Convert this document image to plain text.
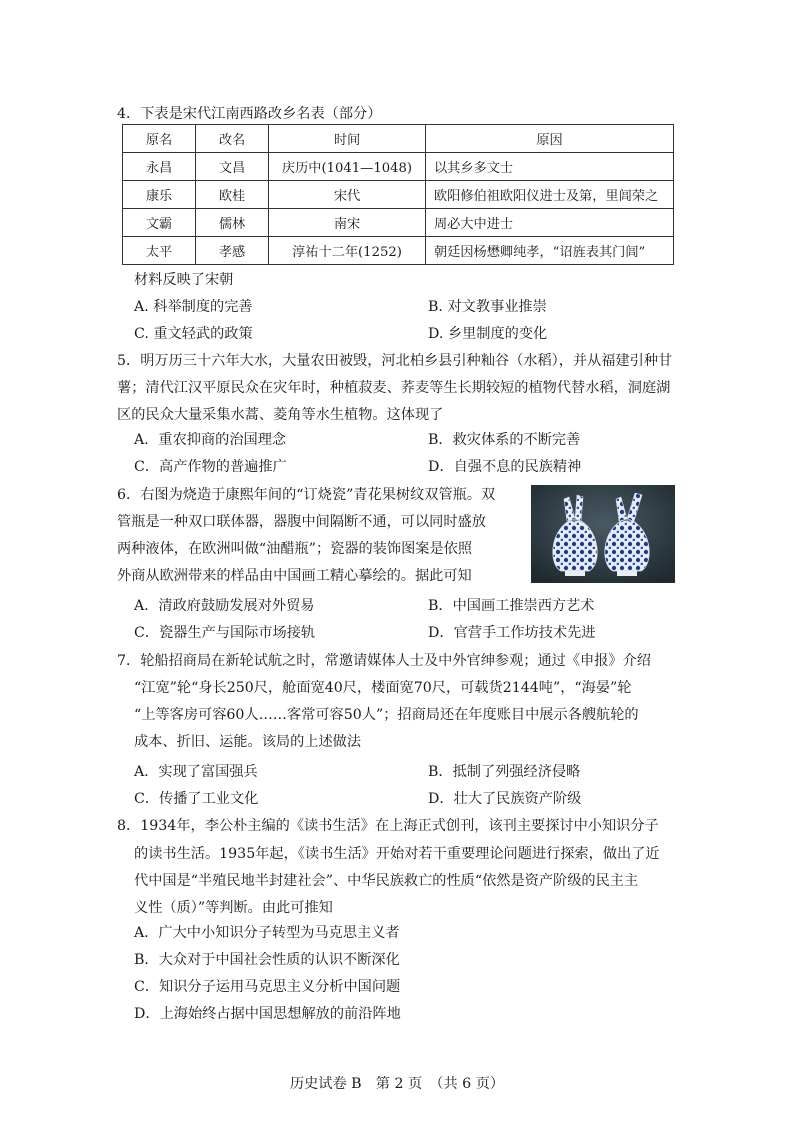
4．下表是宋代江南西路改乡名表（部分）
原名	改名	时间	原因
永昌	文昌	庆历中(1041—1048)	以其乡多文士
康乐	欧桂	宋代	欧阳修伯祖欧阳仪进士及第，里闾荣之
文霸	儒林	南宋	周必大中进士
太平	孝感	淳祐十二年(1252)	朝廷因杨懋卿纯孝，“诏旌表其门闾”
材料反映了宋朝
A. 科举制度的完善	B. 对文教事业推崇
C. 重文轻武的政策	D. 乡里制度的变化
5．明万历三十六年大水，大量农田被毁，河北柏乡县引种籼谷（水稻），并从福建引种甘
薯；清代江汉平原民众在灾年时，种植菽麦、荞麦等生长期较短的植物代替水稻，洞庭湖
区的民众大量采集水蒿、菱角等水生植物。这体现了
A．重农抑商的治国理念	B．救灾体系的不断完善
C．高产作物的普遍推广	D．自强不息的民族精神
6．右图为烧造于康熙年间的“订烧瓷”青花果树纹双管瓶。双
管瓶是一种双口联体器，器腹中间隔断不通，可以同时盛放
两种液体，在欧洲叫做“油醋瓶”；瓷器的装饰图案是依照
外商从欧洲带来的样品由中国画工精心摹绘的。据此可知
A．清政府鼓励发展对外贸易	B．中国画工推崇西方艺术
C．瓷器生产与国际市场接轨	D．官营手工作坊技术先进
7．轮船招商局在新轮试航之时，常邀请媒体人士及中外官绅参观；通过《申报》介绍
“江宽”轮“身长250尺，舱面宽40尺，楼面宽70尺，可载货2144吨”，“海晏”轮
“上等客房可容60人……客常可容50人”；招商局还在年度账目中展示各艘航轮的
成本、折旧、运能。该局的上述做法
A．实现了富国强兵	B．抵制了列强经济侵略
C．传播了工业文化	D．壮大了民族资产阶级
8．1934年，李公朴主编的《读书生活》在上海正式创刊，该刊主要探讨中小知识分子
的读书生活。1935年起，《读书生活》开始对若干重要理论问题进行探索，做出了近
代中国是“半殖民地半封建社会”、中华民族救亡的性质“依然是资产阶级的民主主
义性（质）”等判断。由此可推知
A．广大中小知识分子转型为马克思主义者
B．大众对于中国社会性质的认识不断深化
C．知识分子运用马克思主义分析中国问题
D．上海始终占据中国思想解放的前沿阵地
历史试卷 B　第 2 页　（共 6 页）
